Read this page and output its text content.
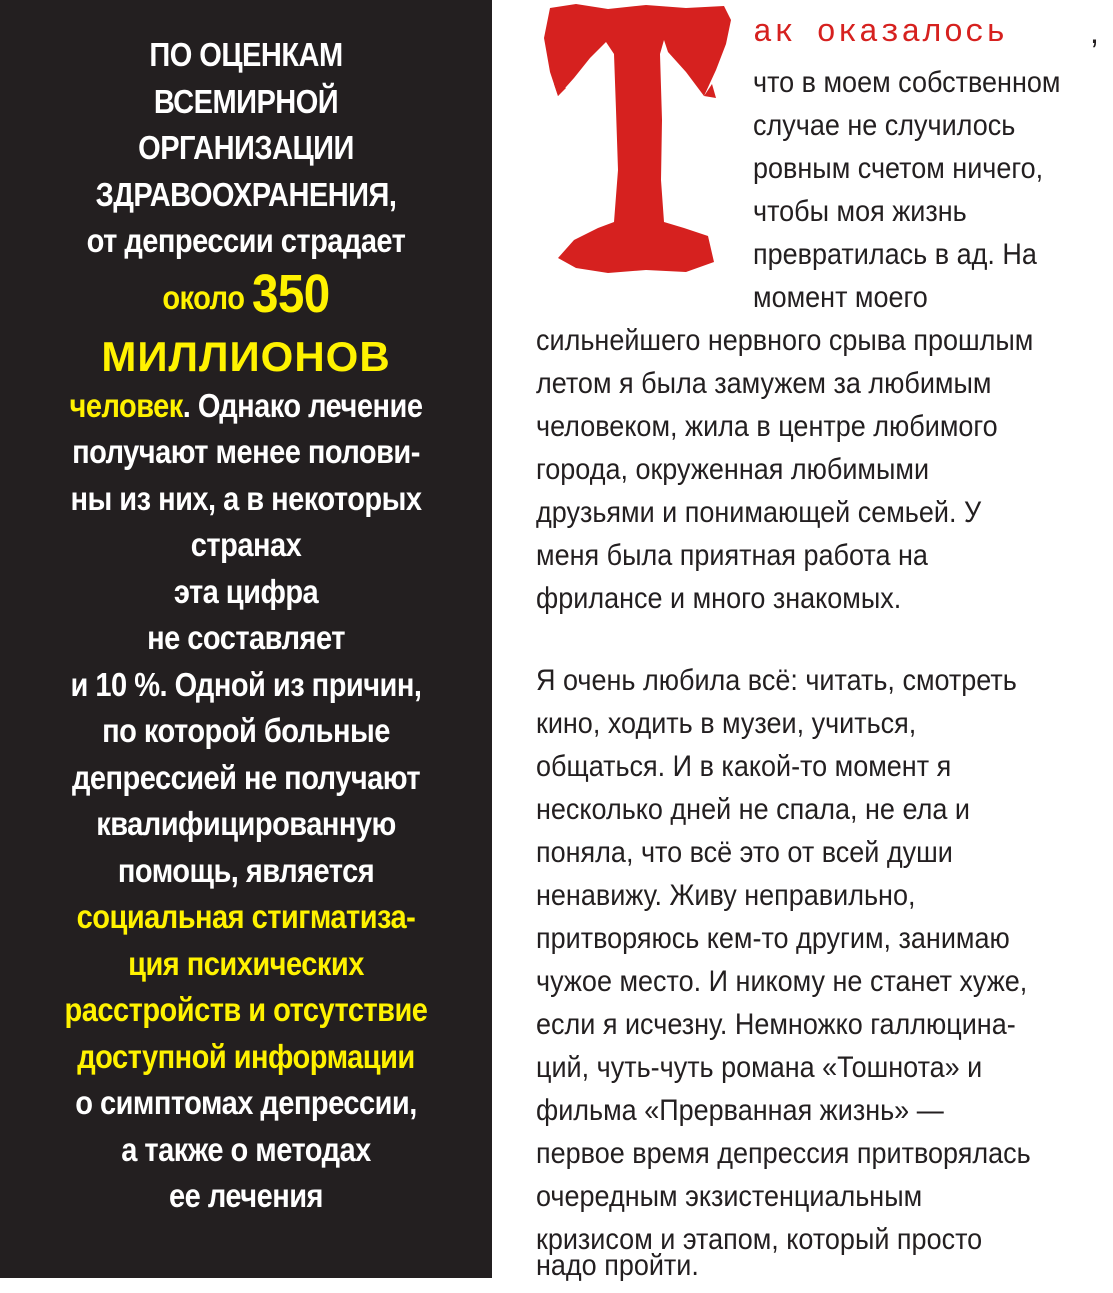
ПО ОЦЕНКАМ
ВСЕМИРНОЙ
ОРГАНИЗАЦИИ
ЗДРАВООХРАНЕНИЯ,
от депрессии страдает
около 350
МИЛЛИОНОВ
человек. Однако лечение
получают менее полови-
ны из них, а в некоторых
странах
эта цифра
не составляет
и 10 %. Одной из причин,
по которой больные
депрессией не получают
квалифицированную
помощь, является
социальная стигматиза-
ция психических
расстройств и отсутствие
доступной информации
о симптомах депрессии,
а также о методах
ее лечения
ак оказалось	,
что в моем собственном
случае не случилось
ровным счетом ничего,
чтобы моя жизнь
превратилась в ад. На
момент моего
сильнейшего нервного срыва прошлым
летом я была замужем за любимым
человеком, жила в центре любимого
города, окруженная любимыми
друзьями и понимающей семьей. У
меня была приятная работа на
фрилансе и много знакомых.
Я очень любила всё: читать, смотреть
кино, ходить в музеи, учиться,
общаться. И в какой-то момент я
несколько дней не спала, не ела и
поняла, что всё это от всей души
ненавижу. Живу неправильно,
притворяюсь кем-то другим, занимаю
чужое место. И никому не станет хуже,
если я исчезну. Немножко галлюцина-
ций, чуть-чуть романа «Тошнота» и
фильма «Прерванная жизнь» —
первое время депрессия притворялась
очередным экзистенциальным
кризисом и этапом, который просто
надо пройти.
